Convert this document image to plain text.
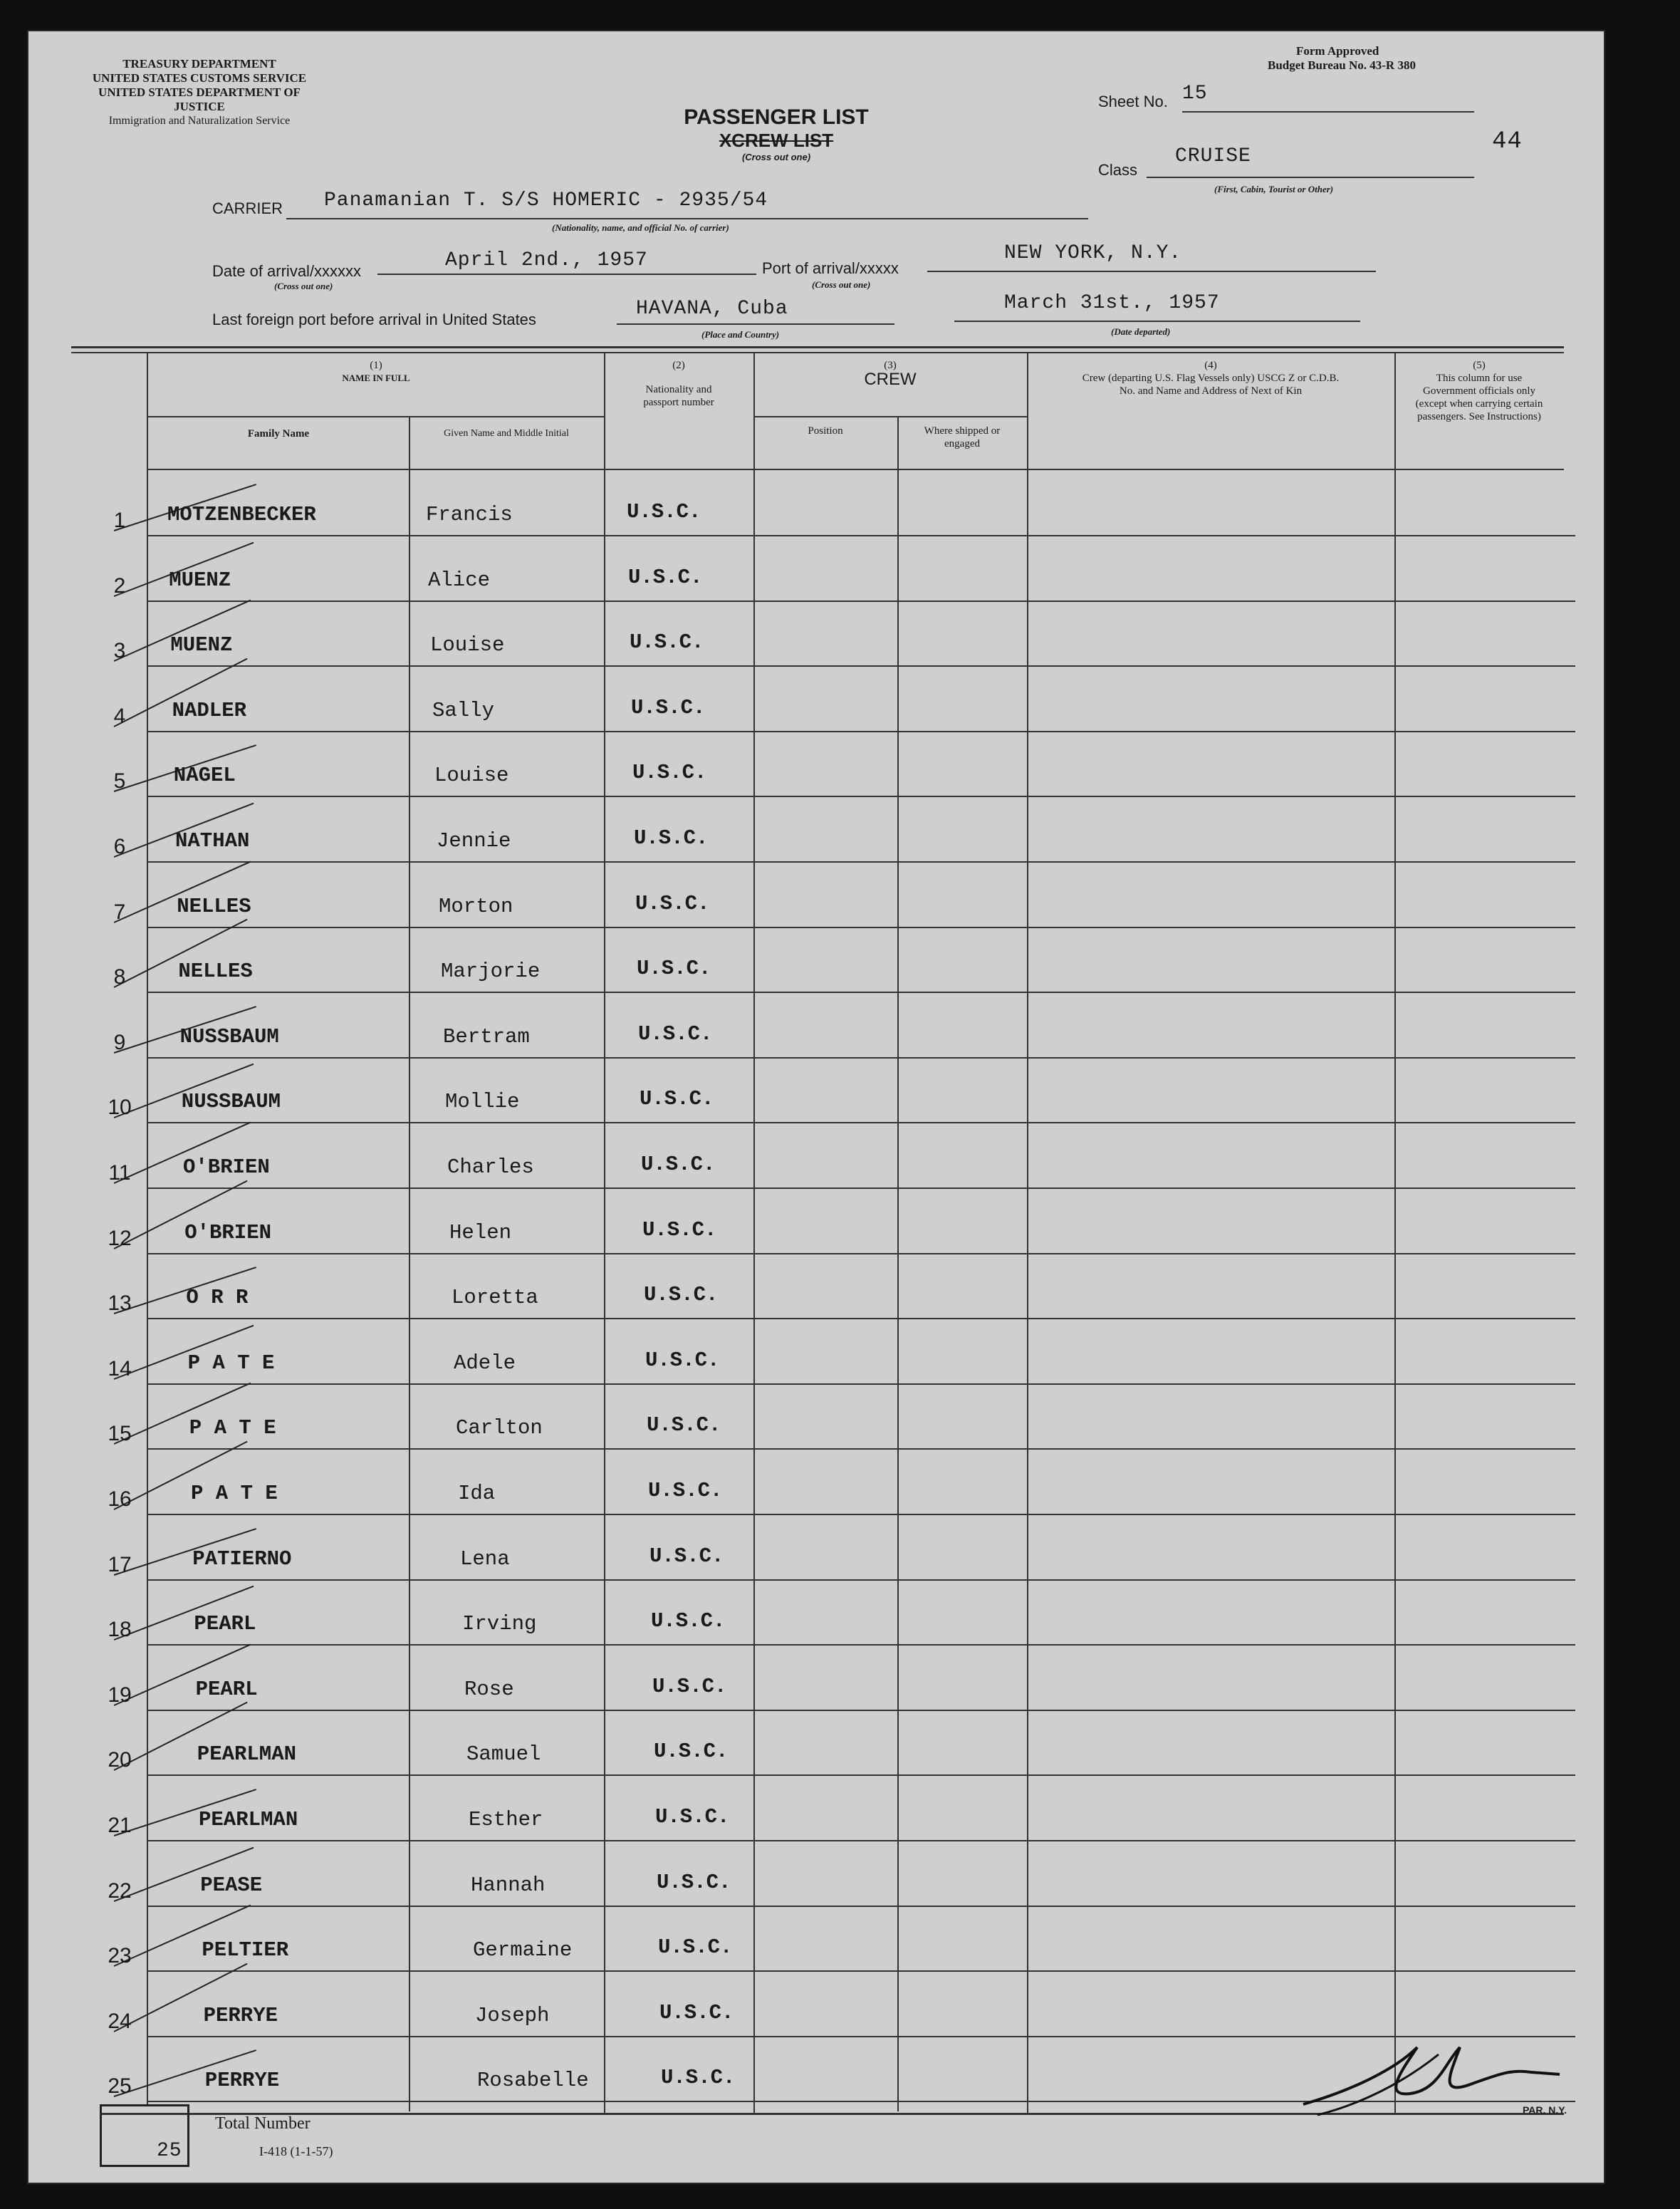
TREASURY DEPARTMENT
UNITED STATES CUSTOMS SERVICE
UNITED STATES DEPARTMENT OF JUSTICE
Immigration and Naturalization Service
Form Approved
Budget Bureau No. 43-R 380
PASSENGER LIST
XCREW LIST
(Cross out one)
Sheet No. 15
44
Class
CRUISE
(First, Cabin, Tourist or Other)
CARRIER Panamanian T. S/S HOMERIC - 2935/54
(Nationality, name, and official No. of carrier)
Date of arrival/xxxxxx	April 2nd., 1957
(Cross out one)
Port of arrival/xxxxx
NEW YORK, N.Y.
(Cross out one)
Last foreign port before arrival in United States	HAVANA, Cuba
(Place and Country)
March 31st., 1957
(Date departed)
(1)
NAME IN FULL
Family Name	Given Name and Middle Initial
(2)
Nationality and passport number
(3)
CREW
Position	Where shipped or engaged
(4)
Crew (departing U.S. Flag Vessels only) USCG Z or C.D.B. No. and Name and Address of Next of Kin
(5)
This column for use Government officials only (except when carrying certain passengers. See Instructions)
1	MOTZENBECKER	Francis	U.S.C.
2	MUENZ	Alice	U.S.C.
3	MUENZ	Louise	U.S.C.
4	NADLER	Sally	U.S.C.
5	NAGEL	Louise	U.S.C.
6	NATHAN	Jennie	U.S.C.
7	NELLES	Morton	U.S.C.
8	NELLES	Marjorie	U.S.C.
9	NUSSBAUM	Bertram	U.S.C.
10	NUSSBAUM	Mollie	U.S.C.
11	O'BRIEN	Charles	U.S.C.
12	O'BRIEN	Helen	U.S.C.
13	O R R	Loretta	U.S.C.
14	P A T E	Adele	U.S.C.
15	P A T E	Carlton	U.S.C.
16	P A T E	Ida	U.S.C.
17	PATIERNO	Lena	U.S.C.
18	PEARL	Irving	U.S.C.
19	PEARL	Rose	U.S.C.
20	PEARLMAN	Samuel	U.S.C.
21	PEARLMAN	Esther	U.S.C.
22	PEASE	Hannah	U.S.C.
23	PELTIER	Germaine	U.S.C.
24	PERRYE	Joseph	U.S.C.
25	PERRYE	Rosabelle	U.S.C.
25
Total Number
I-418 (1-1-57)
PAR. N.Y.
